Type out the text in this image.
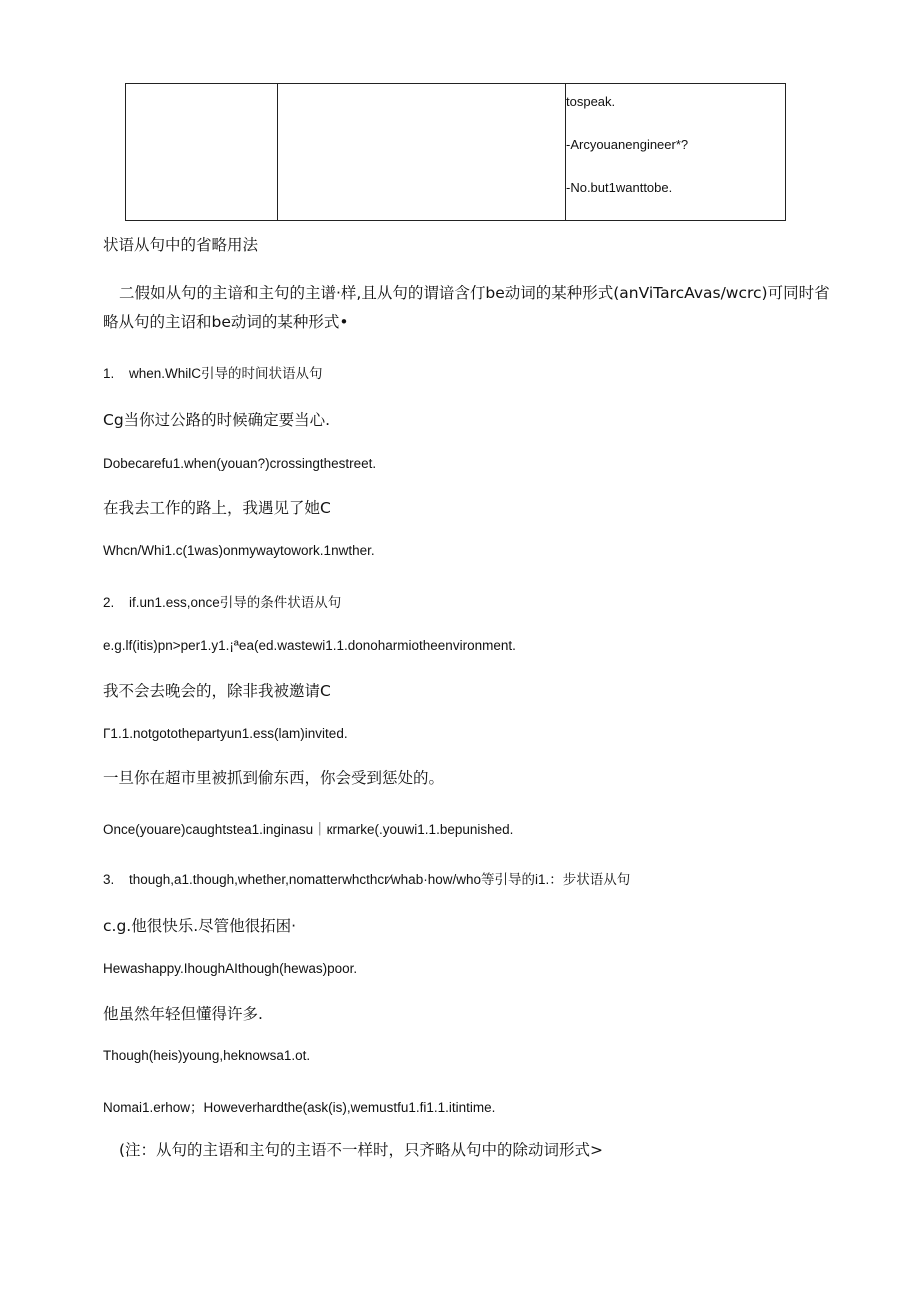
tospeak.
-Arcyouanengineer*?
-No.but1wanttobe.
状语从句中的省略用法
二假如从句的主谙和主句的主谱·样,且从句的谓谙含仃be动词的某种形式(anViTarcAvas/wcrc)可同时省
略从句的主诏和be动词的某种形式•
1. when.WhilC引导的时间状语从句
Cg当你过公路的时候确定要当心.
Dobecarefu1.when(youan?)crossingthestreet.
在我去工作的路上，我遇见了她C
Whcn/Whi1.c(1was)onmywaytowork.1nwther.
2. if.un1.ess,once引导的条件状语从句
e.g.lf(itis)pn>per1.y1.¡ªea(ed.wastewi1.1.donoharmiotheenvironment.
我不会去晚会的，除非我被邀请C
Γ1.1.notgotothepartyun1.ess(lam)invited.
一旦你在超市里被抓到偷东西，你会受到惩处的。
Once(youare)caughtstea1.inginasu｜кrmarke(.youwi1.1.bepunished.
3. though,a1.though,whether,nomatterwhcthcr⁄whab·how/who等引导的i1.：步状语从句
c.g.他很快乐.尽管他很拓困·
Hewashappy.IhoughAIthough(hewas)poor.
他虽然年轻但懂得许多.
Though(heis)young,heknowsa1.ot.
Nomai1.erhow；Howeverhardthe(ask(is),wemustfu1.fi1.1.itintime.
(注：从句的主语和主句的主语不一样时，只齐略从句中的除动词形式>
